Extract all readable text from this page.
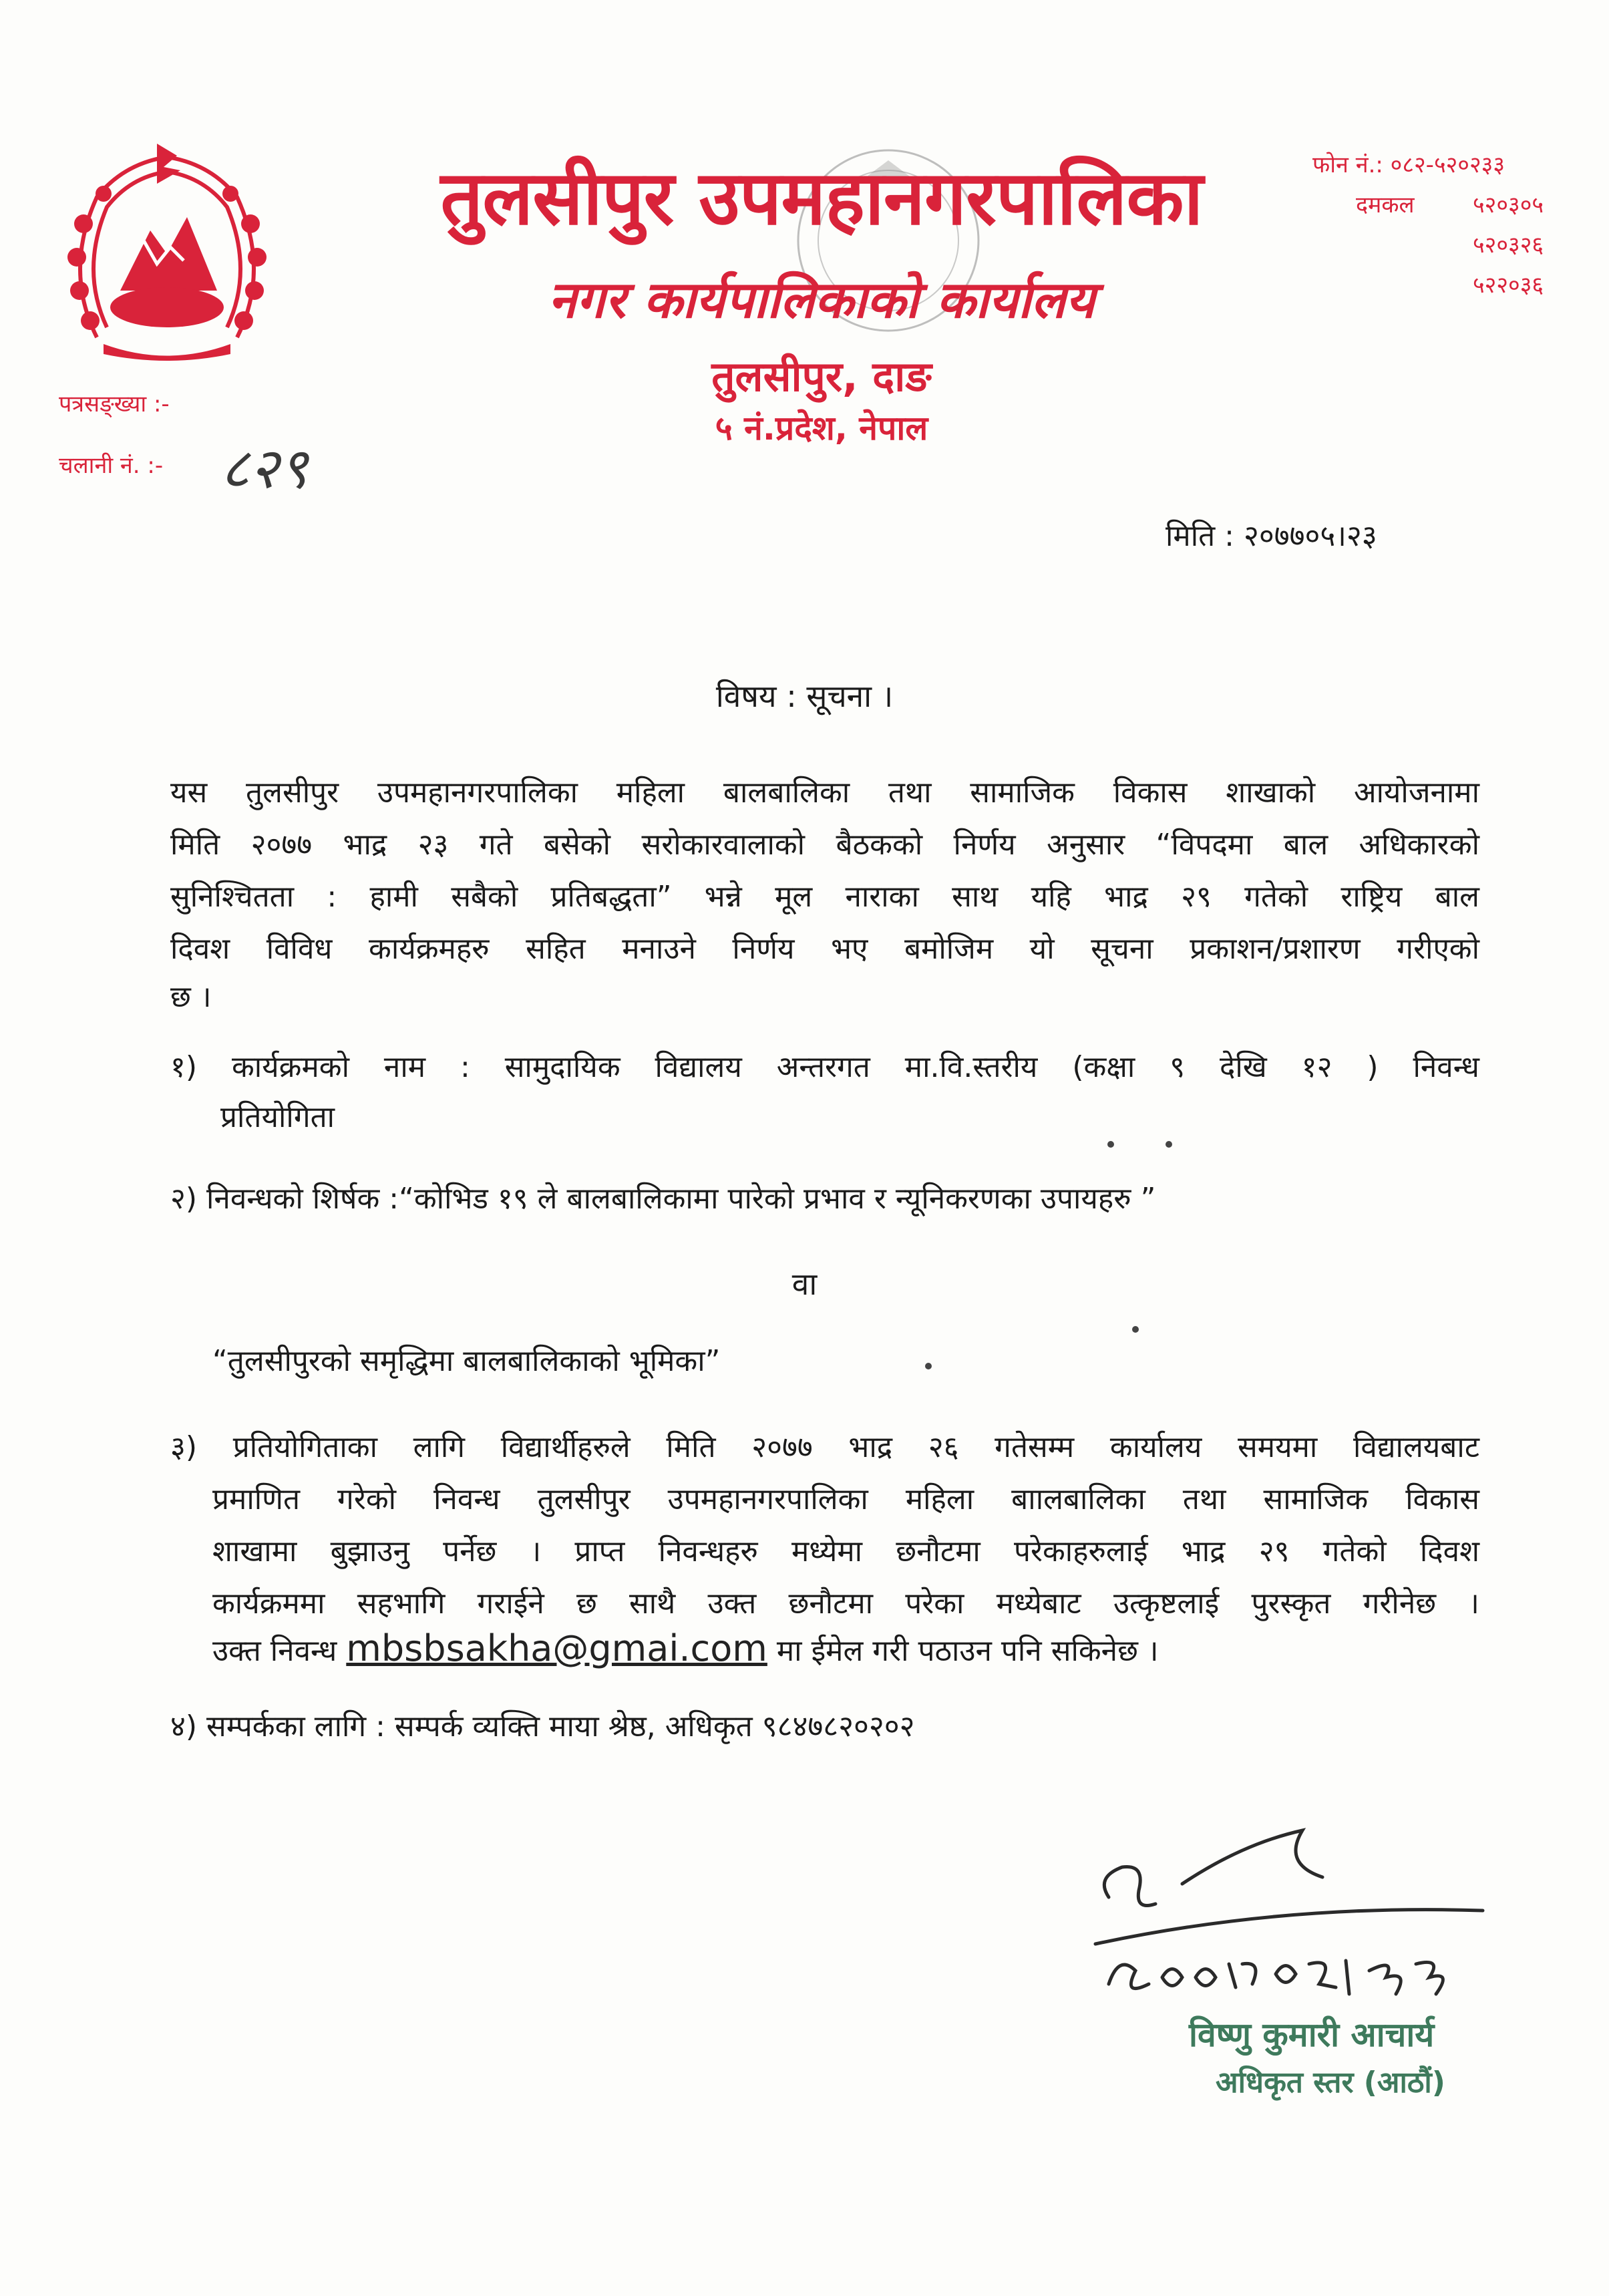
तुलसीपुर उपमहानगरपालिका
नगर कार्यपालिकाको कार्यालय
तुलसीपुर, दाङ
५ नं.प्रदेश, नेपाल
फोन नं.: ०८२-५२०२३३
दमकल	५२०३०५
५२०३२६
५२२०३६
पत्रसङ्ख्या :-
चलानी नं. :- ८२९
मिति : २०७७०५।२३
विषय : सूचना ।
यस तुलसीपुर उपमहानगरपालिका महिला बालबालिका तथा सामाजिक विकास शाखाको आयोजनामा
मिति २०७७ भाद्र २३ गते बसेको सरोकारवालाको बैठकको निर्णय अनुसार “विपदमा बाल अधिकारको
सुनिश्चितता : हामी सबैको प्रतिबद्धता” भन्ने मूल नाराका साथ यहि भाद्र २९ गतेको राष्ट्रिय बाल
दिवश विविध कार्यक्रमहरु सहित मनाउने निर्णय भए बमोजिम यो सूचना प्रकाशन/प्रशारण गरीएको
छ ।
१) कार्यक्रमको नाम : सामुदायिक विद्यालय अन्तरगत मा.वि.स्तरीय (कक्षा ९ देखि १२ ) निवन्ध
प्रतियोगिता
२) निवन्धको शिर्षक :“कोभिड १९ ले बालबालिकामा पारेको प्रभाव र न्यूनिकरणका उपायहरु ”
वा
“तुलसीपुरको समृद्धिमा बालबालिकाको भूमिका”
३) प्रतियोगिताका लागि विद्यार्थीहरुले मिति २०७७ भाद्र २६ गतेसम्म कार्यालय समयमा विद्यालयबाट
प्रमाणित गरेको निवन्ध तुलसीपुर उपमहानगरपालिका महिला बाालबालिका तथा सामाजिक विकास
शाखामा बुझाउनु पर्नेछ । प्राप्त निवन्धहरु मध्येमा छनौटमा परेकाहरुलाई भाद्र २९ गतेको दिवश
कार्यक्रममा सहभागि गराईने छ साथै उक्त छनौटमा परेका मध्येबाट उत्कृष्टलाई पुरस्कृत गरीनेछ ।
उक्त निवन्ध mbsbsakha@gmai.com मा ईमेल गरी पठाउन पनि सकिनेछ ।
४) सम्पर्कका लागि : सम्पर्क व्यक्ति माया श्रेष्ठ, अधिकृत ९८४७८२०२०२
विष्णु कुमारी आचार्य
अधिकृत स्तर (आठौं)
